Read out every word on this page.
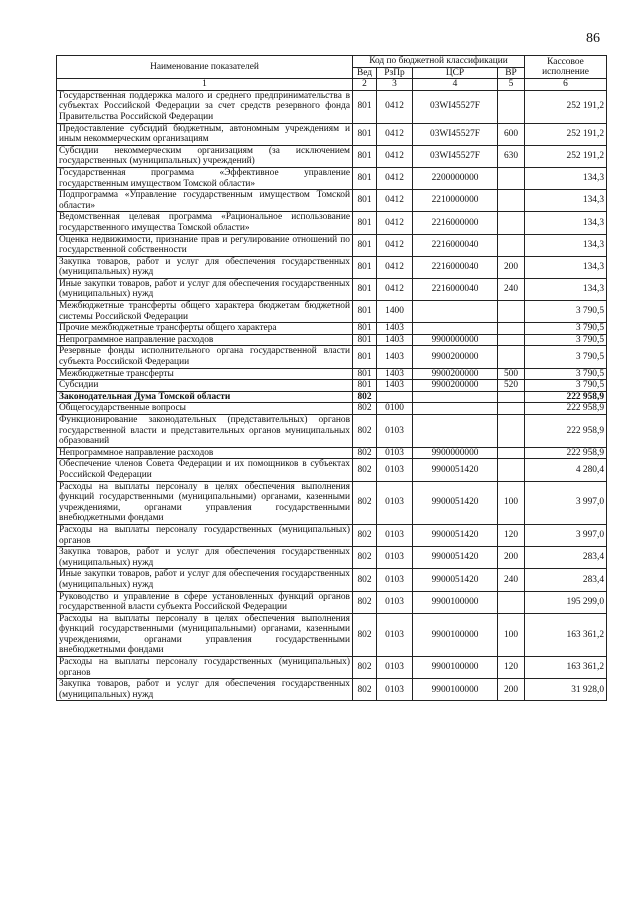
86
Наименование показателей	Код по бюджетной классификации				Кассовое исполнение
	Вед	РзПр	ЦСР	ВР	
1	2	3	4	5	6
Государственная поддержка малого и среднего предпринимательства в субъектах Российской Федерации за счет средств резервного фонда Правительства Российской Федерации	801	0412	03WI45527F		252 191,2
Предоставление субсидий бюджетным, автономным учреждениям и иным некоммерческим организациям	801	0412	03WI45527F	600	252 191,2
Субсидии некоммерческим организациям (за исключением государственных (муниципальных) учреждений)	801	0412	03WI45527F	630	252 191,2
Государственная программа «Эффективное управление государственным имуществом Томской области»	801	0412	2200000000		134,3
Подпрограмма «Управление государственным имуществом Томской области»	801	0412	2210000000		134,3
Ведомственная целевая программа «Рациональное использование государственного имущества Томской области»	801	0412	2216000000		134,3
Оценка недвижимости, признание прав и регулирование отношений по государственной собственности	801	0412	2216000040		134,3
Закупка товаров, работ и услуг для обеспечения государственных (муниципальных) нужд	801	0412	2216000040	200	134,3
Иные закупки товаров, работ и услуг для обеспечения государственных (муниципальных) нужд	801	0412	2216000040	240	134,3
Межбюджетные трансферты общего характера бюджетам бюджетной системы Российской Федерации	801	1400			3 790,5
Прочие межбюджетные трансферты общего характера	801	1403			3 790,5
Непрограммное направление расходов	801	1403	9900000000		3 790,5
Резервные фонды исполнительного органа государственной власти субъекта Российской Федерации	801	1403	9900200000		3 790,5
Межбюджетные трансферты	801	1403	9900200000	500	3 790,5
Субсидии	801	1403	9900200000	520	3 790,5
Законодательная Дума Томской области	802				222 958,9
Общегосударственные вопросы	802	0100			222 958,9
Функционирование законодательных (представительных) органов государственной власти и представительных органов муниципальных образований	802	0103			222 958,9
Непрограммное направление расходов	802	0103	9900000000		222 958,9
Обеспечение членов Совета Федерации и их помощников в субъектах Российской Федерации	802	0103	9900051420		4 280,4
Расходы на выплаты персоналу в целях обеспечения выполнения функций государственными (муниципальными) органами, казенными учреждениями, органами управления государственными внебюджетными фондами	802	0103	9900051420	100	3 997,0
Расходы на выплаты персоналу государственных (муниципальных) органов	802	0103	9900051420	120	3 997,0
Закупка товаров, работ и услуг для обеспечения государственных (муниципальных) нужд	802	0103	9900051420	200	283,4
Иные закупки товаров, работ и услуг для обеспечения государственных (муниципальных) нужд	802	0103	9900051420	240	283,4
Руководство и управление в сфере установленных функций органов государственной власти субъекта Российской Федерации	802	0103	9900100000		195 299,0
Расходы на выплаты персоналу в целях обеспечения выполнения функций государственными (муниципальными) органами, казенными учреждениями, органами управления государственными внебюджетными фондами	802	0103	9900100000	100	163 361,2
Расходы на выплаты персоналу государственных (муниципальных) органов	802	0103	9900100000	120	163 361,2
Закупка товаров, работ и услуг для обеспечения государственных (муниципальных) нужд	802	0103	9900100000	200	31 928,0
